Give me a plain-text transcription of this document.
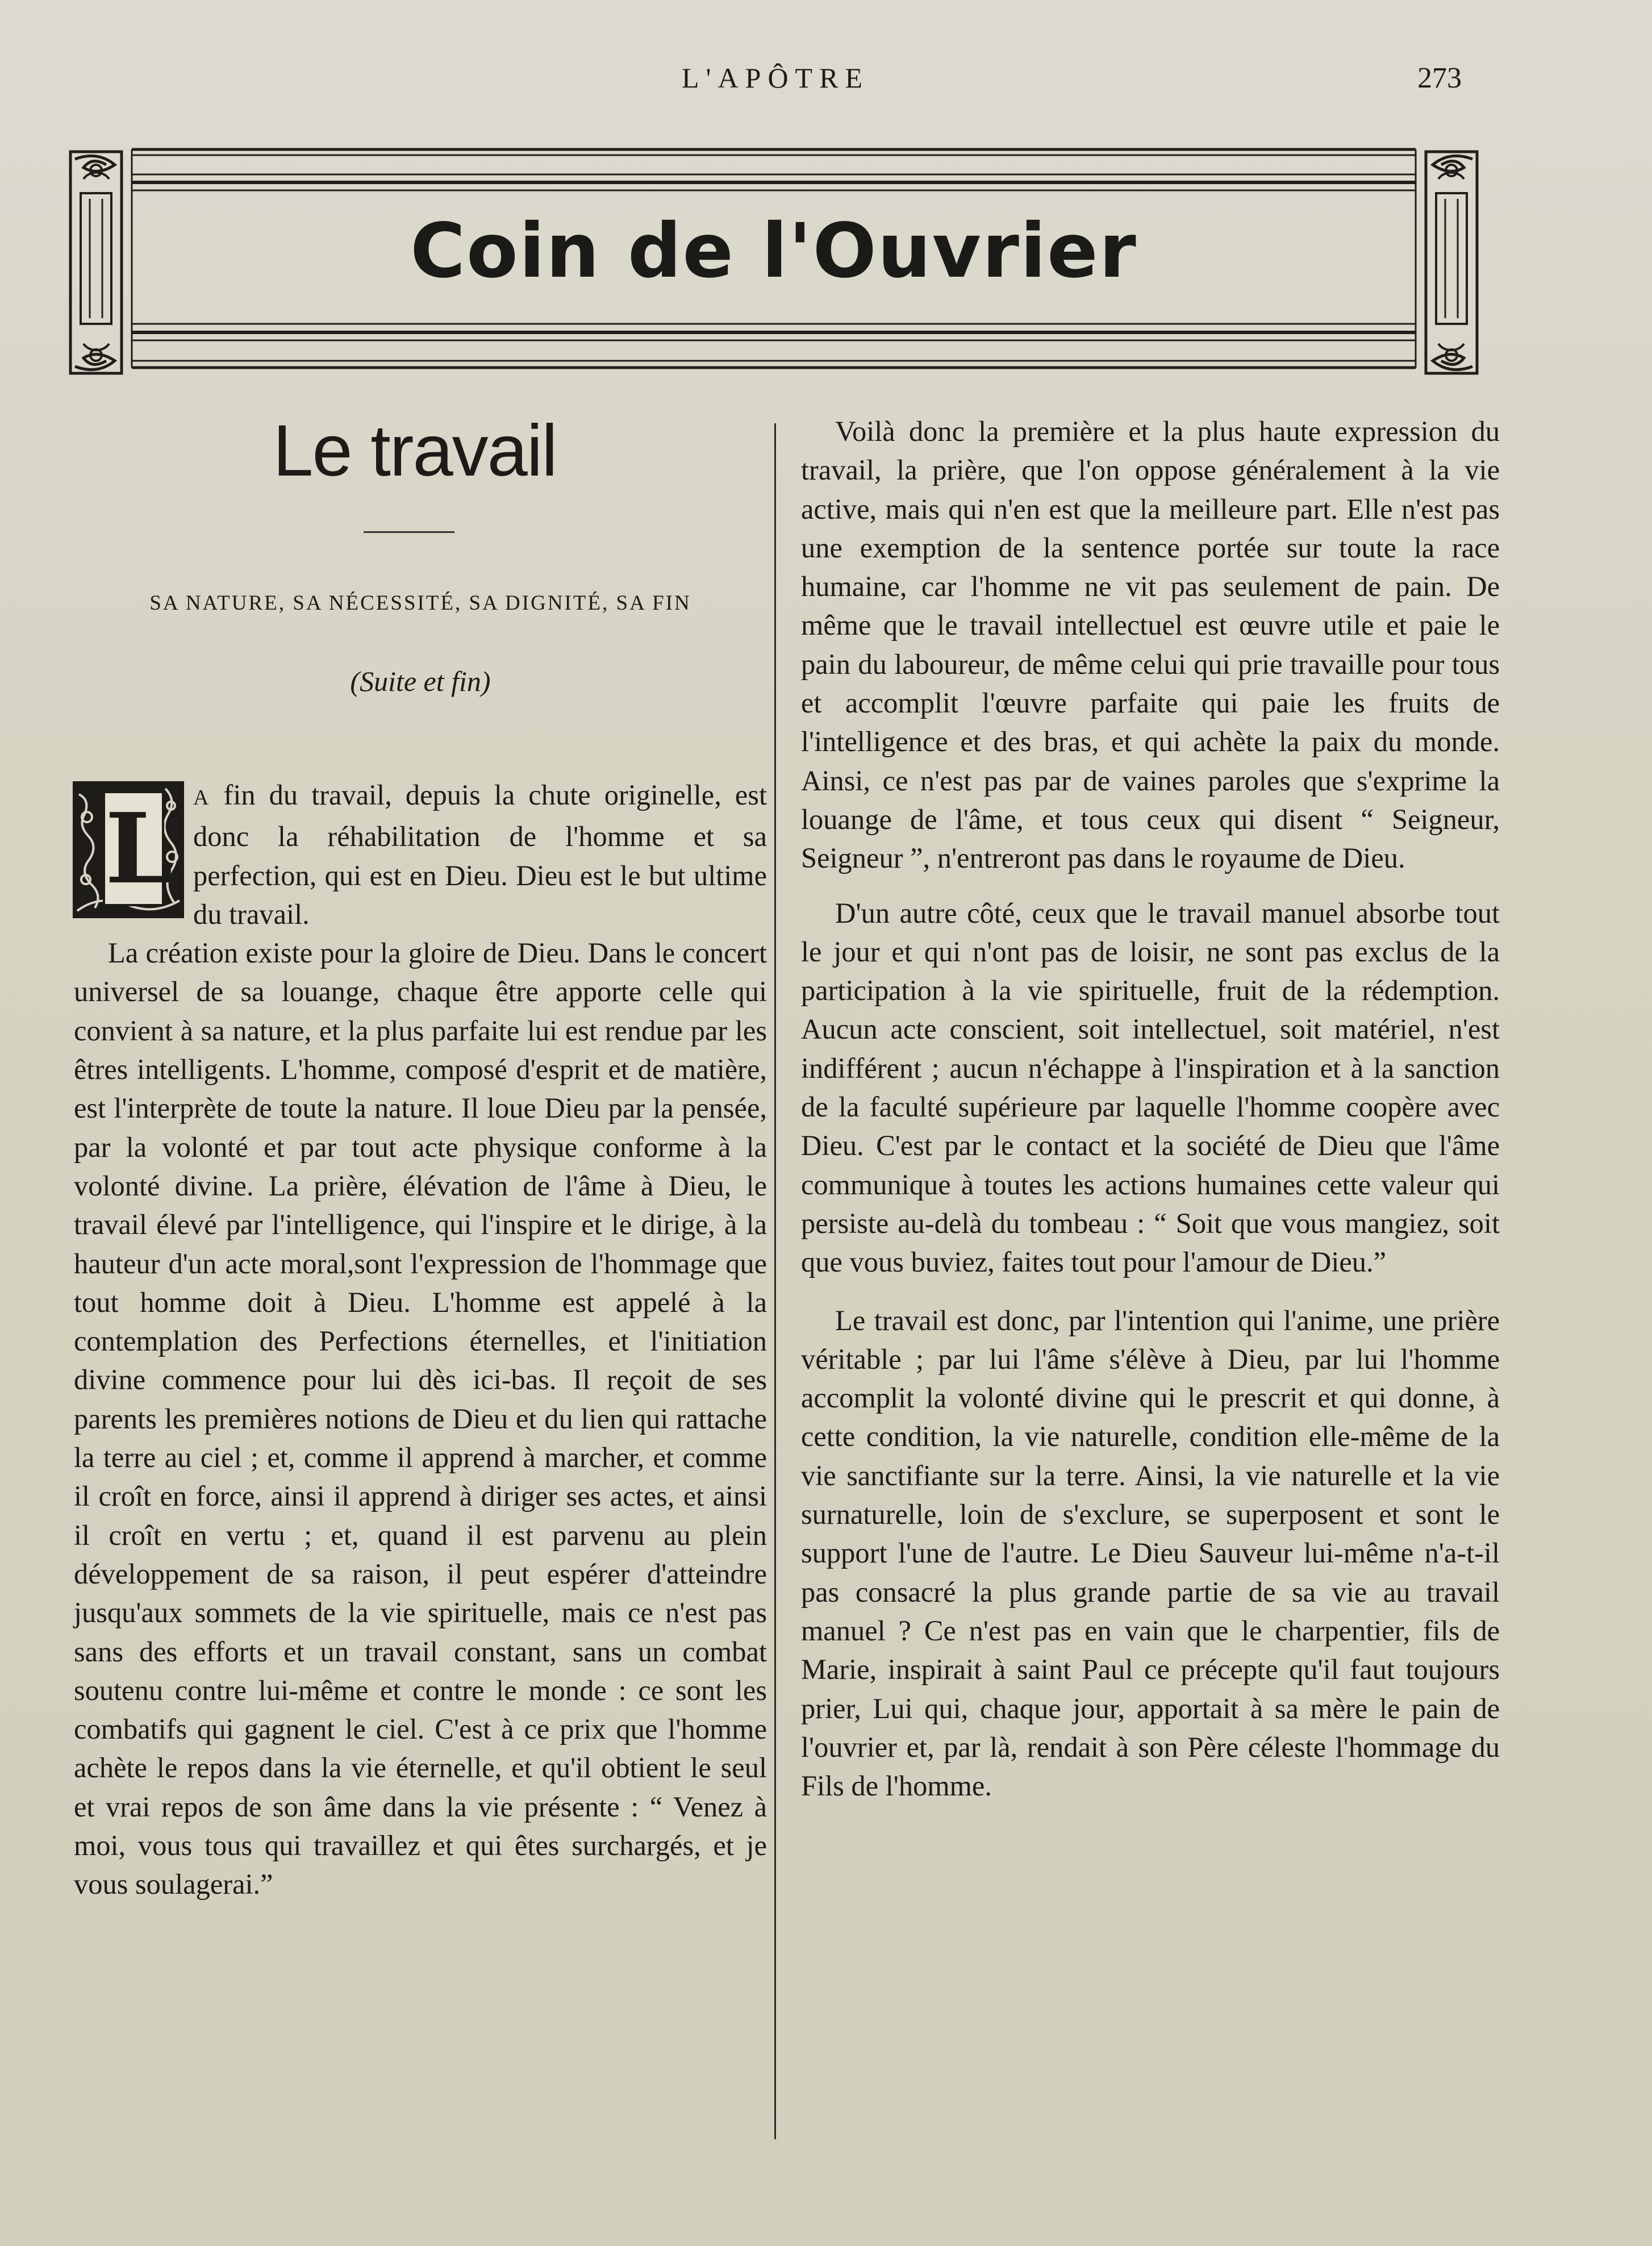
L'APÔTRE	273
Coin de l'Ouvrier
Le travail
SA NATURE, SA NÉCESSITÉ, SA DIGNITÉ, SA FIN
(Suite et fin)

A fin du travail, depuis la chute originelle, est donc la réhabilitation de l'homme et sa perfection, qui est en Dieu. Dieu est le but ultime du travail.

La création existe pour la gloire de Dieu. Dans le concert universel de sa louange, chaque être apporte celle qui convient à sa nature, et la plus parfaite lui est rendue par les êtres intelligents. L'homme, composé d'esprit et de matière, est l'interprète de toute la nature. Il loue Dieu par la pensée, par la volonté et par tout acte physique conforme à la volonté divine. La prière, élévation de l'âme à Dieu, le travail élevé par l'intelligence, qui l'inspire et le dirige, à la hauteur d'un acte moral,sont l'expression de l'hommage que tout homme doit à Dieu. L'homme est appelé à la contemplation des Perfections éternelles, et l'initiation divine commence pour lui dès ici-bas. Il reçoit de ses parents les premières notions de Dieu et du lien qui rattache la terre au ciel ; et, comme il apprend à marcher, et comme il croît en force, ainsi il apprend à diriger ses actes, et ainsi il croît en vertu ; et, quand il est parvenu au plein développement de sa raison, il peut espérer d'atteindre jusqu'aux sommets de la vie spirituelle, mais ce n'est pas sans des efforts et un travail constant, sans un combat soutenu contre lui-même et contre le monde : ce sont les combatifs qui gagnent le ciel. C'est à ce prix que l'homme achète le repos dans la vie éternelle, et qu'il obtient le seul et vrai repos de son âme dans la vie présente : “ Venez à moi, vous tous qui travaillez et qui êtes surchargés, et je vous soulagerai.”

L

Voilà donc la première et la plus haute expression du travail, la prière, que l'on oppose généralement à la vie active, mais qui n'en est que la meilleure part. Elle n'est pas une exemption de la sentence portée sur toute la race humaine, car l'homme ne vit pas seulement de pain. De même que le travail intellectuel est œuvre utile et paie le pain du laboureur, de même celui qui prie travaille pour tous et accomplit l'œuvre parfaite qui paie les fruits de l'intelligence et des bras, et qui achète la paix du monde. Ainsi, ce n'est pas par de vaines paroles que s'exprime la louange de l'âme, et tous ceux qui disent “ Seigneur, Seigneur ”, n'entreront pas dans le royaume de Dieu.

D'un autre côté, ceux que le travail manuel absorbe tout le jour et qui n'ont pas de loisir, ne sont pas exclus de la participation à la vie spirituelle, fruit de la rédemption. Aucun acte conscient, soit intellectuel, soit matériel, n'est indifférent ; aucun n'échappe à l'inspiration et à la sanction de la faculté supérieure par laquelle l'homme coopère avec Dieu. C'est par le contact et la société de Dieu que l'âme communique à toutes les actions humaines cette valeur qui persiste au-delà du tombeau : “ Soit que vous mangiez, soit que vous buviez, faites tout pour l'amour de Dieu.”

Le travail est donc, par l'intention qui l'anime, une prière véritable ; par lui l'âme s'élève à Dieu, par lui l'homme accomplit la volonté divine qui le prescrit et qui donne, à cette condition, la vie naturelle, condition elle-même de la vie sanctifiante sur la terre. Ainsi, la vie naturelle et la vie surnaturelle, loin de s'exclure, se superposent et sont le support l'une de l'autre. Le Dieu Sauveur lui-même n'a-t-il pas consacré la plus grande partie de sa vie au travail manuel ? Ce n'est pas en vain que le charpentier, fils de Marie, inspirait à saint Paul ce précepte qu'il faut toujours prier, Lui qui, chaque jour, apportait à sa mère le pain de l'ouvrier et, par là, rendait à son Père céleste l'hommage du Fils de l'homme.
